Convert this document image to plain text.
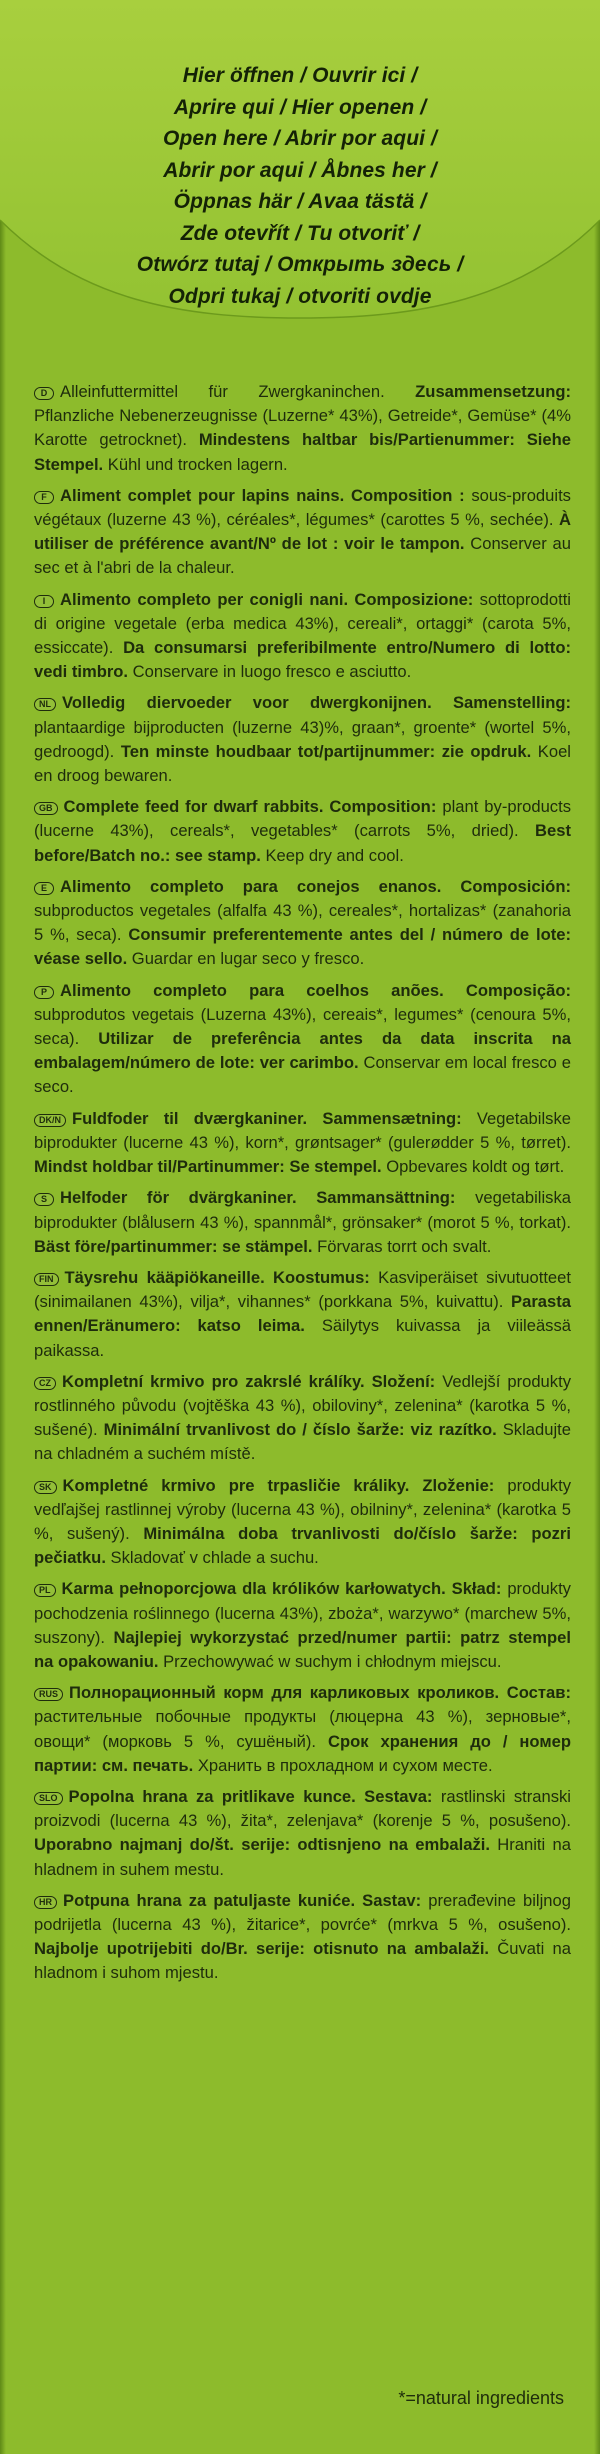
Hier öffnen / Ouvrir ici /
Aprire qui / Hier openen /
Open here / Abrir por aqui /
Abrir por aqui / Åbnes her /
Öppnas här / Avaa tästä /
Zde otevřít / Tu otvoriť /
Otwórz tutaj / Открыть здесь /
Odpri tukaj / otvoriti ovdje
D Alleinfuttermittel für Zwergkaninchen. Zusammensetzung: Pflanzliche Nebenerzeugnisse (Luzerne* 43%), Getreide*, Gemüse* (4% Karotte getrocknet). Mindestens haltbar bis/Partienummer: Siehe Stempel. Kühl und trocken lagern.
F Aliment complet pour lapins nains. Composition : sous-produits végétaux (luzerne 43 %), céréales*, légumes* (carottes 5 %, sechée). À utiliser de préférence avant/Nº de lot : voir le tampon. Conserver au sec et à l'abri de la chaleur.
I Alimento completo per conigli nani. Composizione: sottoprodotti di origine vegetale (erba medica 43%), cereali*, ortaggi* (carota 5%, essiccate). Da consumarsi preferibilmente entro/Numero di lotto: vedi timbro. Conservare in luogo fresco e asciutto.
NL Volledig diervoeder voor dwergkonijnen. Samenstelling: plantaardige bijproducten (luzerne 43)%, graan*, groente* (wortel 5%, gedroogd). Ten minste houdbaar tot/partijnummer: zie opdruk. Koel en droog bewaren.
GB Complete feed for dwarf rabbits. Composition: plant by-products (lucerne 43%), cereals*, vegetables* (carrots 5%, dried). Best before/Batch no.: see stamp. Keep dry and cool.
E Alimento completo para conejos enanos. Composición: subproductos vegetales (alfalfa 43 %), cereales*, hortalizas* (zanahoria 5 %, seca). Consumir preferentemente antes del / número de lote: véase sello. Guardar en lugar seco y fresco.
P Alimento completo para coelhos anões. Composição: subprodutos vegetais (Luzerna 43%), cereais*, legumes* (cenoura 5%, seca). Utilizar de preferência antes da data inscrita na embalagem/número de lote: ver carimbo. Conservar em local fresco e seco.
DK/N Fuldfoder til dværgkaniner. Sammensætning: Vegetabilske biprodukter (lucerne 43 %), korn*, grøntsager* (gulerødder 5 %, tørret). Mindst holdbar til/Partinummer: Se stempel. Opbevares koldt og tørt.
S Helfoder för dvärgkaniner. Sammansättning: vegetabiliska biprodukter (blålusern 43 %), spannmål*, grönsaker* (morot 5 %, torkat). Bäst före/partinummer: se stämpel. Förvaras torrt och svalt.
FIN Täysrehu kääpiökaneille. Koostumus: Kasviperäiset sivutuotteet (sinimailanen 43%), vilja*, vihannes* (porkkana 5%, kuivattu). Parasta ennen/Eränumero: katso leima. Säilytys kuivassa ja viileässä paikassa.
CZ Kompletní krmivo pro zakrslé králíky. Složení: Vedlejší produkty rostlinného původu (vojtěška 43 %), obiloviny*, zelenina* (karotka 5 %, sušené). Minimální trvanlivost do / číslo šarže: viz razítko. Skladujte na chladném a suchém místě.
SK Kompletné krmivo pre trpasličie králiky. Zloženie: produkty vedľajšej rastlinnej výroby (lucerna 43 %), obilniny*, zelenina* (karotka 5 %, sušený). Minimálna doba trvanlivosti do/číslo šarže: pozri pečiatku. Skladovať v chlade a suchu.
PL Karma pełnoporcjowa dla królików karłowatych. Skład: produkty pochodzenia roślinnego (lucerna 43%), zboża*, warzywo* (marchew 5%, suszony). Najlepiej wykorzystać przed/numer partii: patrz stempel na opakowaniu. Przechowywać w suchym i chłodnym miejscu.
RUS Полнорационный корм для карликовых кроликов. Состав: растительные побочные продукты (люцерна 43 %), зерновые*, овощи* (морковь 5 %, сушёный). Срок хранения до / номер партии: см. печать. Хранить в прохладном и сухом месте.
SLO Popolna hrana za pritlikave kunce. Sestava: rastlinski stranski proizvodi (lucerna 43 %), žita*, zelenjava* (korenje 5 %, posušeno). Uporabno najmanj do/št. serije: odtisnjeno na embalaži. Hraniti na hladnem in suhem mestu.
HR Potpuna hrana za patuljaste kuniće. Sastav: prerađevine biljnog podrijetla (lucerna 43 %), žitarice*, povrće* (mrkva 5 %, osušeno). Najbolje upotrijebiti do/Br. serije: otisnuto na ambalaži. Čuvati na hladnom i suhom mjestu.
*=natural ingredients
